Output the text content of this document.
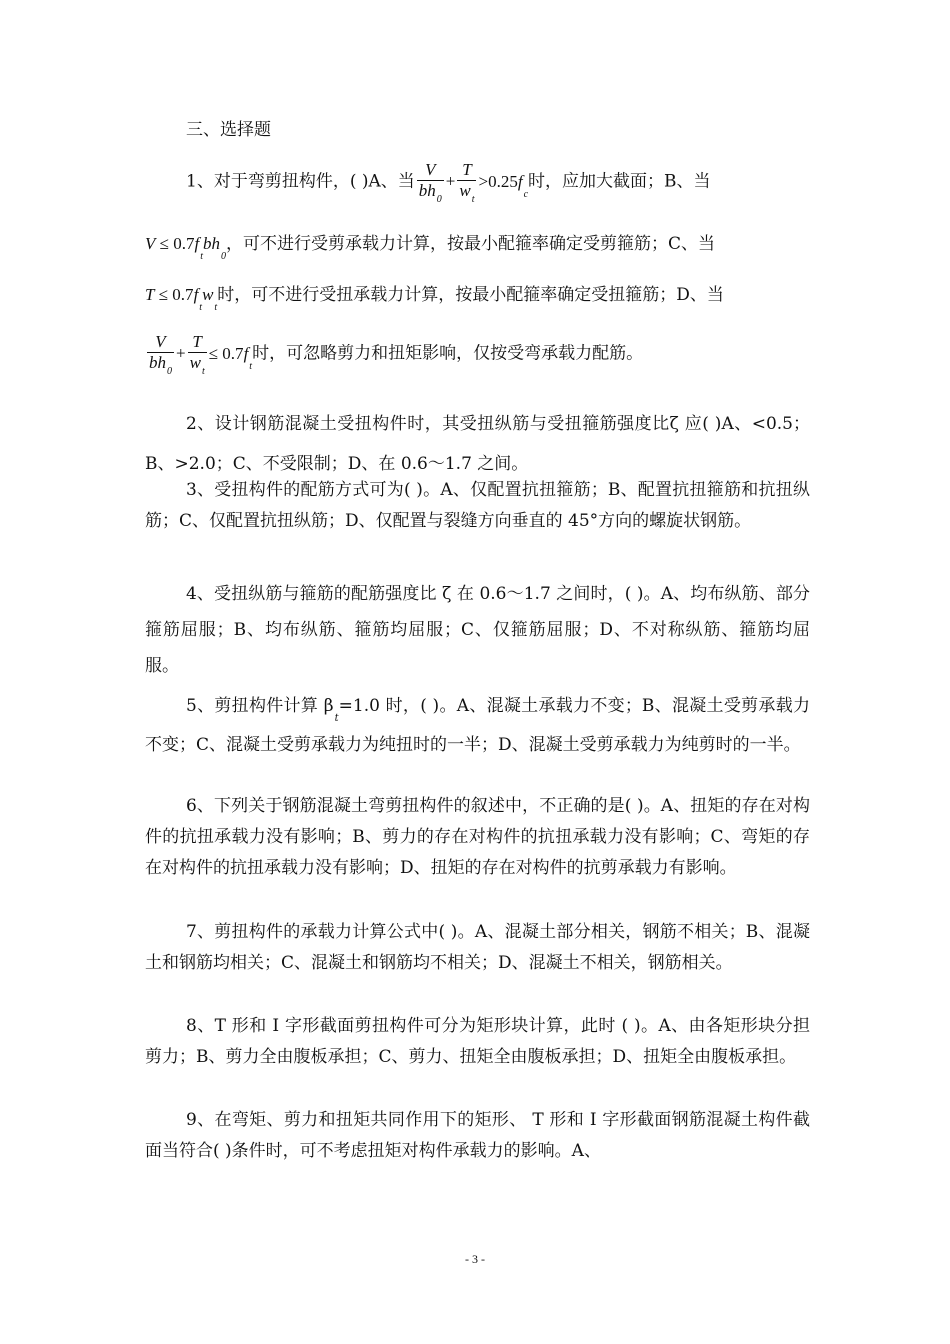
三、选择题
1、对于弯剪扭构件，( )A、当 $\frac{V}{bh_0} + \frac{T}{w_t} >0.25f_c$时，应加大截面；B、当
$V \le 0.7f_tbh_0$，可不进行受剪承载力计算，按最小配箍率确定受剪箍筋；C、当
$T \le 0.7f_tw_t$时，可不进行受扭承载力计算，按最小配箍率确定受扭箍筋；D、当
$\frac{V}{bh_0} + \frac{T}{w_t} \le 0.7f_t$时，可忽略剪力和扭矩影响，仅按受弯承载力配筋。
2、设计钢筋混凝土受扭构件时，其受扭纵筋与受扭箍筋强度比ζ 应( )A、<0.5；B、>2.0；C、不受限制；D、在 0.6～1.7 之间。
3、受扭构件的配筋方式可为( )。A、仅配置抗扭箍筋；B、配置抗扭箍筋和抗扭纵筋；C、仅配置抗扭纵筋；D、仅配置与裂缝方向垂直的 45°方向的螺旋状钢筋。
4、受扭纵筋与箍筋的配筋强度比 ζ 在 0.6～1.7 之间时，( )。A、均布纵筋、部分箍筋屈服；B、均布纵筋、箍筋均屈服；C、仅箍筋屈服；D、不对称纵筋、箍筋均屈服。
5、剪扭构件计算 $\beta_t=1.0$ 时，( )。A、混凝土承载力不变；B、混凝土受剪承载力不变；C、混凝土受剪承载力为纯扭时的一半；D、混凝土受剪承载力为纯剪时的一半。
6、下列关于钢筋混凝土弯剪扭构件的叙述中，不正确的是( )。A、扭矩的存在对构件的抗扭承载力没有影响；B、剪力的存在对构件的抗扭承载力没有影响；C、弯矩的存在对构件的抗扭承载力没有影响；D、扭矩的存在对构件的抗剪承载力有影响。
7、剪扭构件的承载力计算公式中( )。A、混凝土部分相关，钢筋不相关；B、混凝土和钢筋均相关；C、混凝土和钢筋均不相关；D、混凝土不相关，钢筋相关。
8、T 形和 I 字形截面剪扭构件可分为矩形块计算，此时 ( )。A、由各矩形块分担剪力；B、剪力全由腹板承担；C、剪力、扭矩全由腹板承担；D、扭矩全由腹板承担。
9、在弯矩、剪力和扭矩共同作用下的矩形、 T 形和 I 字形截面钢筋混凝土构件截面当符合( )条件时，可不考虑扭矩对构件承载力的影响。A、
- 3 -
